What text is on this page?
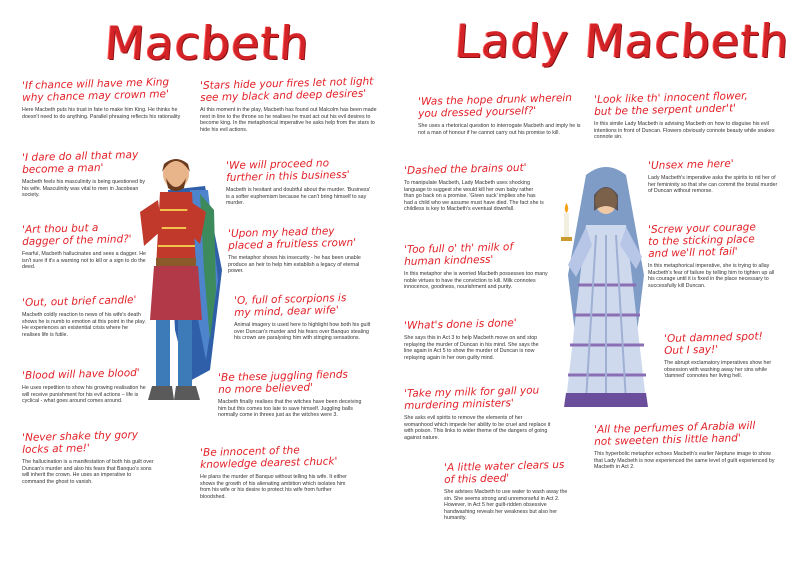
Macbeth	Lady Macbeth
'If chance will have me King
why chance may crown me'
Here Macbeth puts his trust in fate to make him King. He thinks he doesn't need to do anything. Parallel phrasing reflects his rationality
'I dare do all that may
become a man'
Macbeth feels his masculinity is being questioned by his wife. Masculinity was vital to men in Jacobean society.
'Art thou but a
dagger of the mind?'
Fearful, Macbeth hallucinates and sees a dagger. He isn't sure if it's a warning not to kill or a sign to do the deed.
'Out, out brief candle'
Macbeth coldly reaction to news of his wife's death shows he is numb to emotion at this point in the play. He experiences an existential crisis where he realises life is futile.
'Blood will have blood'
He uses repetition to show his growing realisation he will receive punishment for his evil actions – life is cyclical - what goes around comes around.
'Never shake thy gory
locks at me!'
The hallucination is a manifestation of both his guilt over Duncan's murder and also his fears that Banquo's sons will inherit the crown. He uses an imperative to command the ghost to vanish.
'Stars hide your fires let not light
see my black and deep desires'
At this moment in the play, Macbeth has found out Malcolm has been made next in line to the throne so he realises he must act out his evil desires to become king. In the metaphorical imperative he asks help from the stars to hide his evil actions.
'We will proceed no
further in this business'
Macbeth is hesitant and doubtful about the murder. 'Business' is a softer euphemism because he can't bring himself to say murder.
'Upon my head they
placed a fruitless crown'
The metaphor shows his insecurity - he has been unable produce an heir to help him establish a legacy of eternal power.
'O, full of scorpions is
my mind, dear wife'
Animal imagery is used here to highlight how both his guilt over Duncan's murder and his fears over Banquo stealing his crown are paralysing him with stinging sensations.
'Be these juggling fiends
no more believed'
Macbeth finally realises that the witches have been deceiving him but this comes too late to save himself. Juggling balls normally come in threes just as the witches were 3.
'Be innocent of the
knowledge dearest chuck'
He plans the murder of Banquo without telling his wife. It either shows the growth of his alienating ambition which isolates him from his wife or his desire to protect his wife from further bloodshed.
'Was the hope drunk wherein
you dressed yourself?'
She uses a rhetorical question to interrogate Macbeth and imply he is not a man of honour if he cannot carry out his promise to kill.
'Dashed the brains out'
To manipulate Macbeth, Lady Macbeth uses shocking language to suggest she would kill her own baby rather than go back on a promise. 'Given suck' implies she has had a child who we assume must have died. The fact she is childless is key to Macbeth's eventual downfall.
'Too full o' th' milk of
human kindness'
In this metaphor she is worried Macbeth possesses too many noble virtues to have the conviction to kill. Milk connotes innocence, goodness, nourishment and purity.
'What's done is done'
She says this in Act 3 to help Macbeth move on and stop replaying the murder of Duncan in his mind. She says the line again in Act 5 to show the murder of Duncan is now replaying again in her own guilty mind.
'Take my milk for gall you
murdering ministers'
She asks evil spirits to remove the elements of her womanhood which impede her ability to be cruel and replace it with poison. This links to wider theme of the dangers of going against nature.
'A little water clears us
of this deed'
She advises Macbeth to use water to wash away the sin. She seems strong and unremorseful in Act 2. However, in Act 5 her guilt-ridden obsessive handwashing reveals her weakness but also her humanity.
'Look like th' innocent flower,
but be the serpent under't'
In this simile Lady Macbeth is advising Macbeth on how to disguise his evil intentions in front of Duncan. Flowers obviously connote beauty while snakes connote sin.
'Unsex me here'
Lady Macbeth's imperative asks the spirits to rid her of her femininity so that she can commit the brutal murder of Duncan without remorse.
'Screw your courage
to the sticking place
and we'll not fail'
In this metaphorical imperative, she is trying to allay Macbeth's fear of failure by telling him to tighten up all his courage until it is fixed in the place necessary to successfully kill Duncan.
'Out damned spot!
Out I say!'
The abrupt exclamatory imperatives show her obsession with washing away her sins while 'damned' connotes her living hell.
'All the perfumes of Arabia will
not sweeten this little hand'
This hyperbolic metaphor echoes Macbeth's earlier Neptune image to show that Lady Macbeth is now experienced the same level of guilt experienced by Macbeth in Act 2.
